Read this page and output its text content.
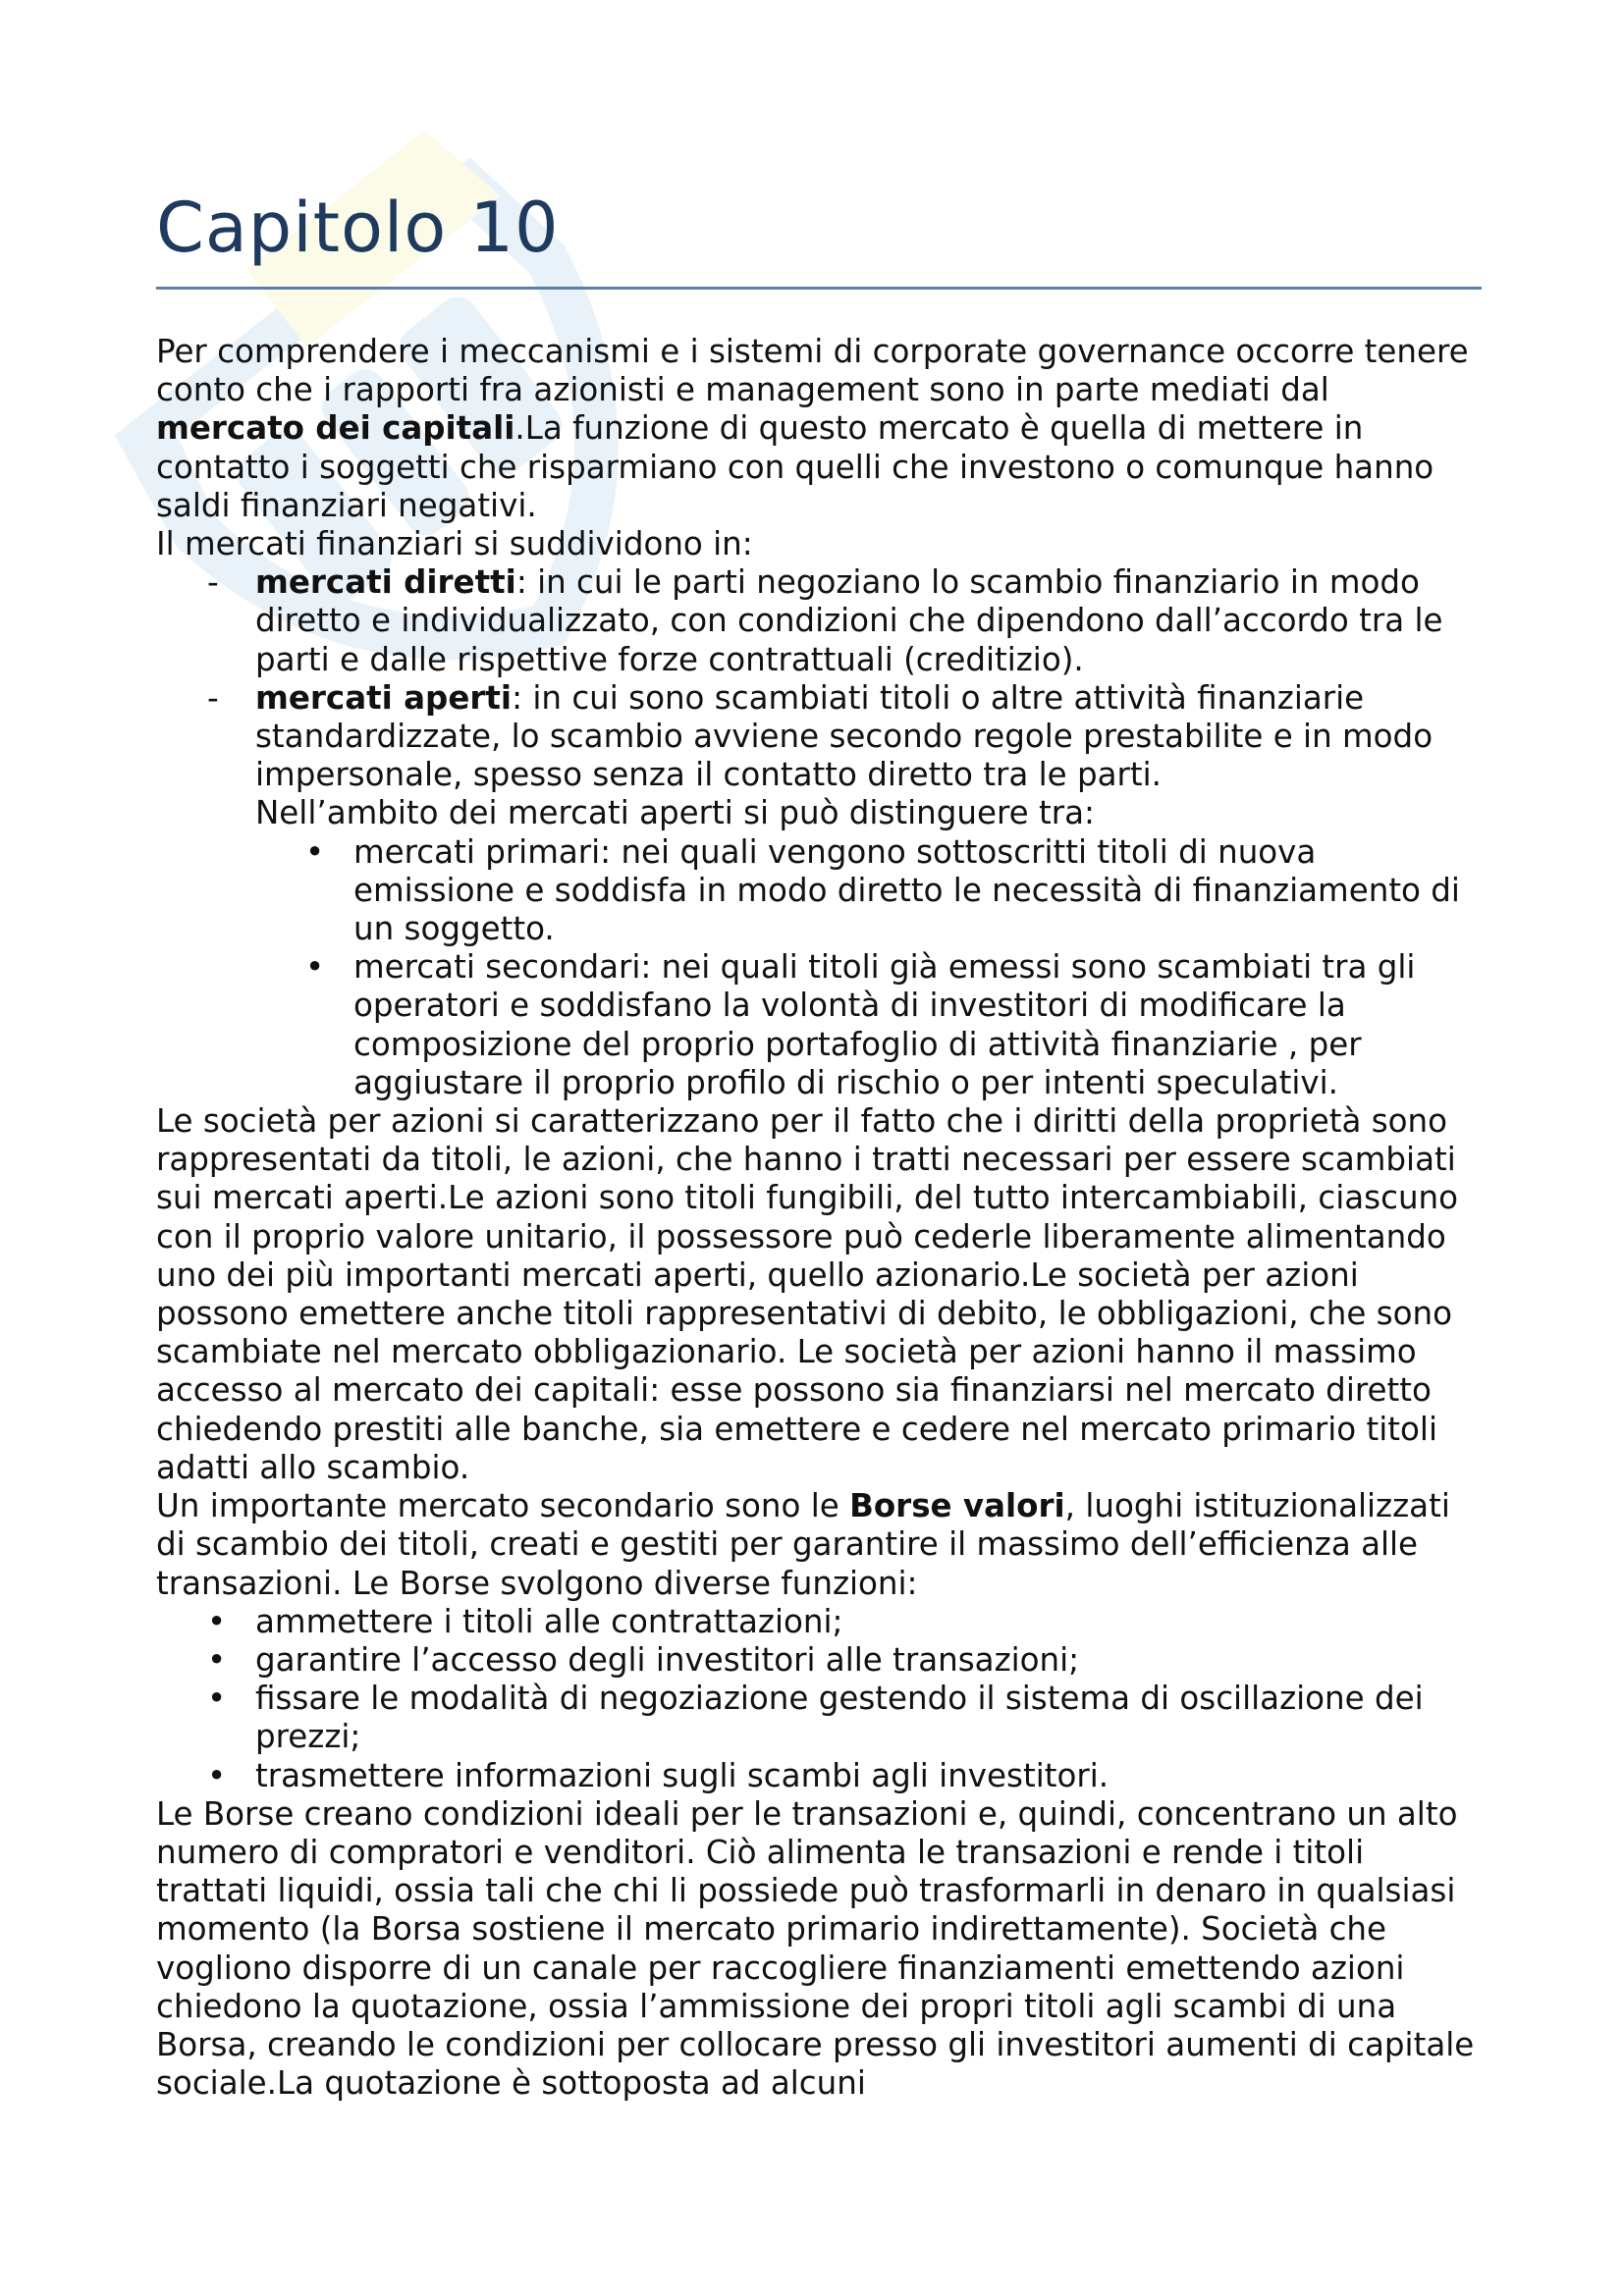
Capitolo 10

Per comprendere i meccanismi e i sistemi di corporate governance occorre tenere conto che i rapporti fra azionisti e management sono in parte mediati dal mercato dei capitali.La funzione di questo mercato è quella di mettere in contatto i soggetti che risparmiano con quelli che investono o comunque hanno saldi finanziari negativi.

Il mercati finanziari si suddividono in:

- mercati diretti: in cui le parti negoziano lo scambio finanziario in modo diretto e individualizzato, con condizioni che dipendono dall’accordo tra le parti e dalle rispettive forze contrattuali (creditizio).
- mercati aperti: in cui sono scambiati titoli o altre attività finanziarie standardizzate, lo scambio avviene secondo regole prestabilite e in modo impersonale, spesso senza il contatto diretto tra le parti.

Nell’ambito dei mercati aperti si può distinguere tra:

• mercati primari: nei quali vengono sottoscritti titoli di nuova emissione e soddisfa in modo diretto le necessità di finanziamento di un soggetto.
• mercati secondari: nei quali titoli già emessi sono scambiati tra gli operatori e soddisfano la volontà di investitori di modificare la composizione del proprio portafoglio di attività finanziarie , per aggiustare il proprio profilo di rischio o per intenti speculativi.

Le società per azioni si caratterizzano per il fatto che i diritti della proprietà sono rappresentati da titoli, le azioni, che hanno i tratti necessari per essere scambiati sui mercati aperti.Le azioni sono titoli fungibili, del tutto intercambiabili, ciascuno con il proprio valore unitario, il possessore può cederle liberamente alimentando uno dei più importanti mercati aperti, quello azionario.Le società per azioni possono emettere anche titoli rappresentativi di debito, le obbligazioni, che sono scambiate nel mercato obbligazionario. Le società per azioni hanno il massimo accesso al mercato dei capitali: esse possono sia finanziarsi nel mercato diretto chiedendo prestiti alle banche, sia emettere e cedere nel mercato primario titoli adatti allo scambio.

Un importante mercato secondario sono le Borse valori, luoghi istituzionalizzati di scambio dei titoli, creati e gestiti per garantire il massimo dell’efficienza alle transazioni. Le Borse svolgono diverse funzioni:

• ammettere i titoli alle contrattazioni;
• garantire l’accesso degli investitori alle transazioni;
• fissare le modalità di negoziazione gestendo il sistema di oscillazione dei prezzi;
• trasmettere informazioni sugli scambi agli investitori.

Le Borse creano condizioni ideali per le transazioni e, quindi, concentrano un alto numero di compratori e venditori. Ciò alimenta le transazioni e rende i titoli trattati liquidi, ossia tali che chi li possiede può trasformarli in denaro in qualsiasi momento (la Borsa sostiene il mercato primario indirettamente). Società che vogliono disporre di un canale per raccogliere finanziamenti emettendo azioni chiedono la quotazione, ossia l’ammissione dei propri titoli agli scambi di una Borsa, creando le condizioni per collocare presso gli investitori aumenti di capitale sociale.La quotazione è sottoposta ad alcuni
